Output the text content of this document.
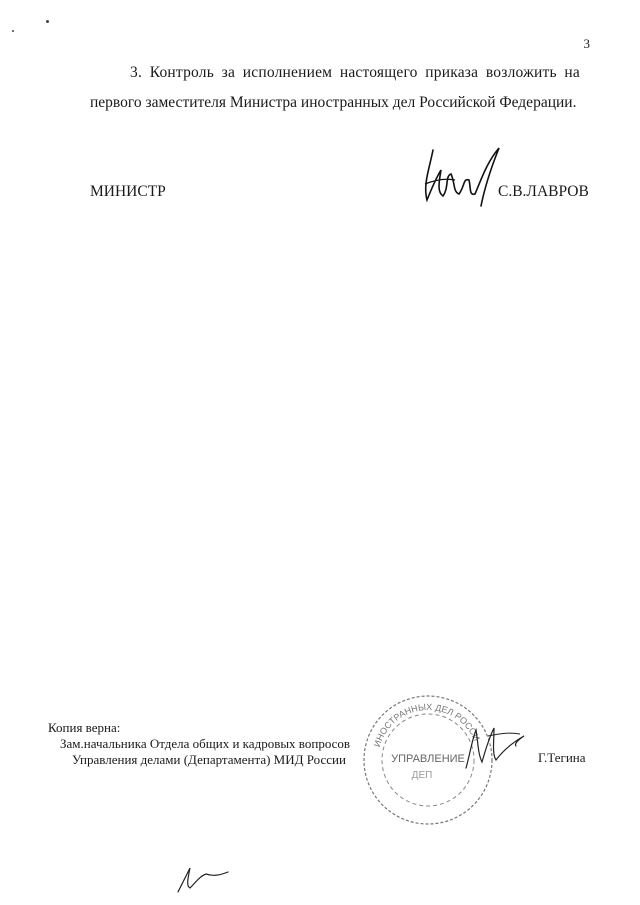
3
3. Контроль за исполнением настоящего приказа возложить на
первого заместителя Министра иностранных дел Российской Федерации.
МИНИСТР	С.В.ЛАВРОВ
Копия верна:
Зам.начальника Отдела общих и кадровых вопросов
Управления делами (Департамента) МИД России
ИНОСТРАННЫХ ДЕЛ РОССИ
УПРАВЛЕНИЕ
ДЕП
Г.Тегина
